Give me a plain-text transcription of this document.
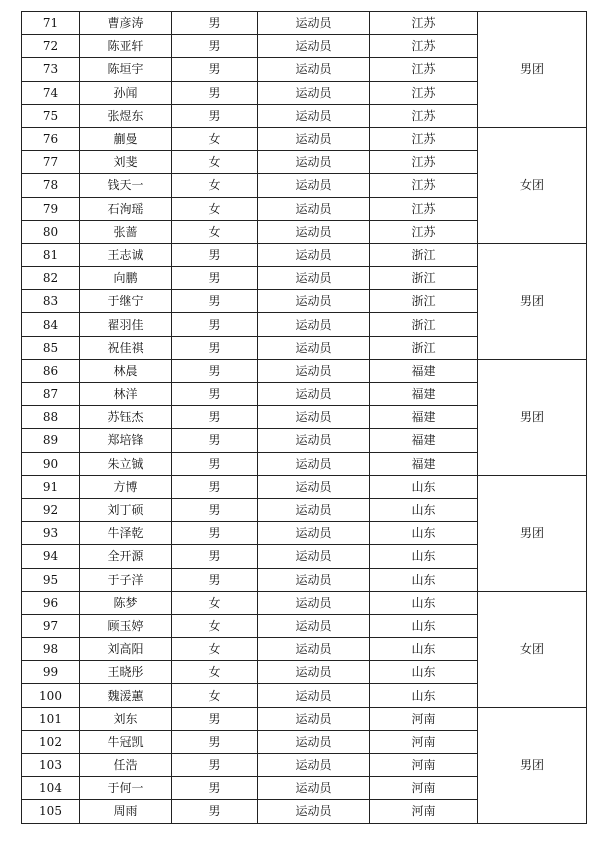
71	曹彦涛	男	运动员	江苏	男团
72	陈亚轩	男	运动员	江苏	
73	陈垣宇	男	运动员	江苏	
74	孙闻	男	运动员	江苏	
75	张煜东	男	运动员	江苏	
76	蒯曼	女	运动员	江苏	女团
77	刘斐	女	运动员	江苏	
78	钱天一	女	运动员	江苏	
79	石洵瑶	女	运动员	江苏	
80	张蔷	女	运动员	江苏	
81	王志诚	男	运动员	浙江	男团
82	向鹏	男	运动员	浙江	
83	于继宁	男	运动员	浙江	
84	翟羽佳	男	运动员	浙江	
85	祝佳祺	男	运动员	浙江	
86	林晨	男	运动员	福建	男团
87	林洋	男	运动员	福建	
88	苏钰杰	男	运动员	福建	
89	郑培锋	男	运动员	福建	
90	朱立铖	男	运动员	福建	
91	方博	男	运动员	山东	男团
92	刘丁硕	男	运动员	山东	
93	牛泽乾	男	运动员	山东	
94	全开源	男	运动员	山东	
95	于子洋	男	运动员	山东	
96	陈梦	女	运动员	山东	女团
97	顾玉婷	女	运动员	山东	
98	刘高阳	女	运动员	山东	
99	王晓彤	女	运动员	山东	
100	魏湲蕙	女	运动员	山东	
101	刘东	男	运动员	河南	男团
102	牛冠凯	男	运动员	河南	
103	任浩	男	运动员	河南	
104	于何一	男	运动员	河南	
105	周雨	男	运动员	河南	
